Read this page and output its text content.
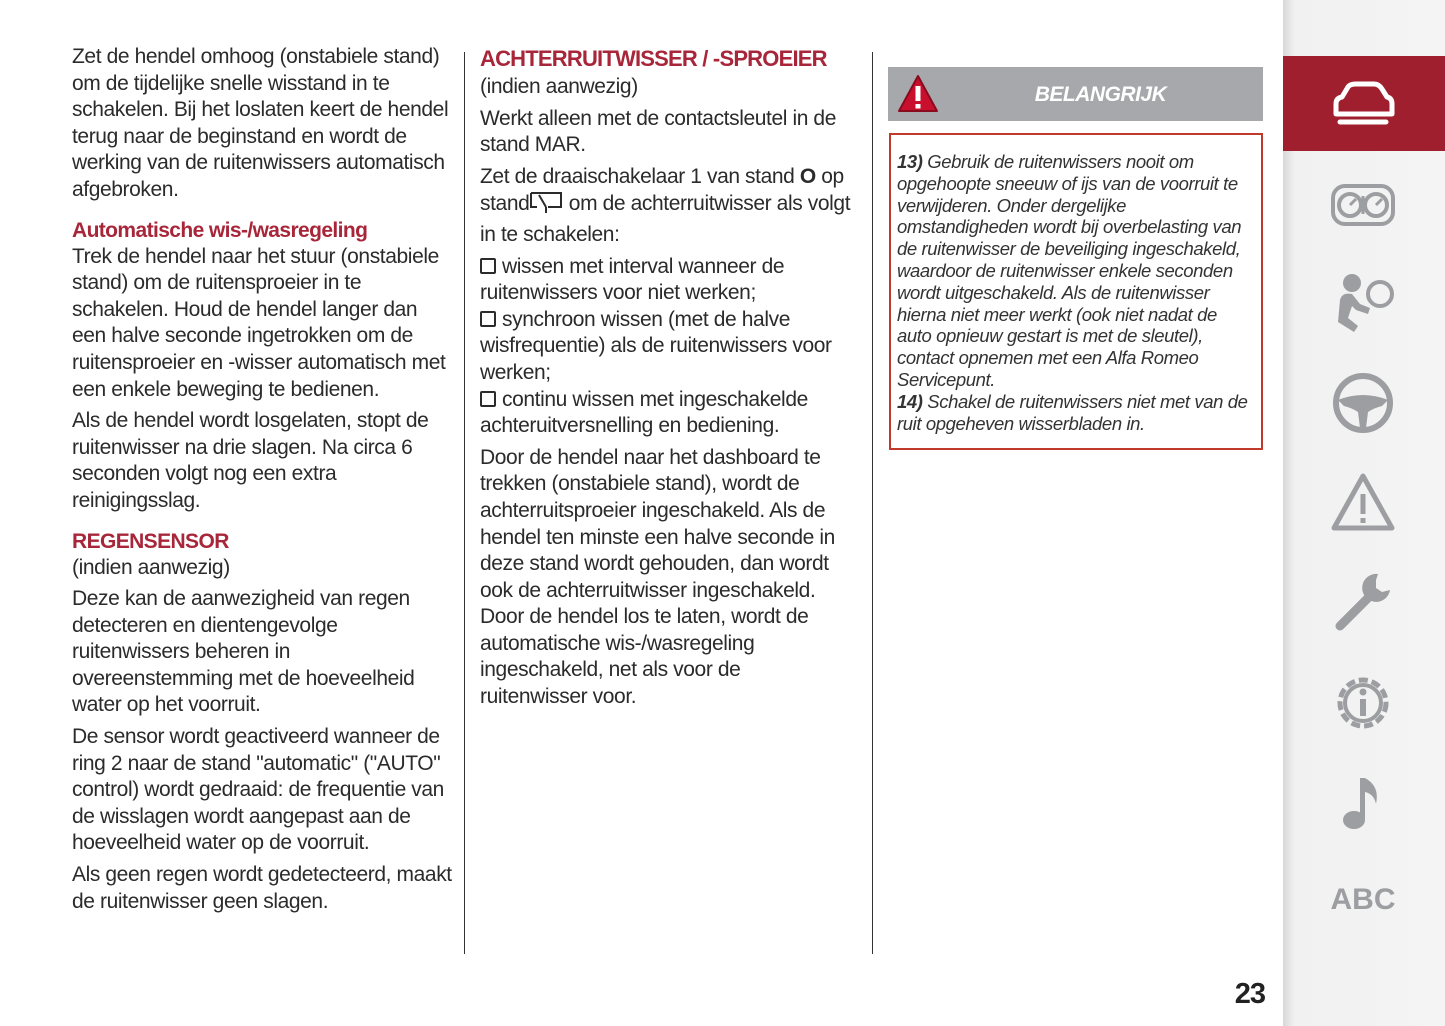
Zet de hendel omhoog (onstabiele stand) om de tijdelijke snelle wisstand in te schakelen. Bij het loslaten keert de hendel terug naar de beginstand en wordt de werking van de ruitenwissers automatisch afgebroken.

Automatische wis-/wasregeling

Trek de hendel naar het stuur (onstabiele stand) om de ruitensproeier in te schakelen. Houd de hendel langer dan een halve seconde ingetrokken om de ruitensproeier en -wisser automatisch met een enkele beweging te bedienen.

Als de hendel wordt losgelaten, stopt de ruitenwisser na drie slagen. Na circa 6 seconden volgt nog een extra reinigingsslag.

REGENSENSOR

(indien aanwezig)

Deze kan de aanwezigheid van regen detecteren en dientengevolge ruitenwissers beheren in overeenstemming met de hoeveelheid water op het voorruit.

De sensor wordt geactiveerd wanneer de ring 2 naar de stand "automatic" ("AUTO" control) wordt gedraaid: de frequentie van de wisslagen wordt aangepast aan de hoeveelheid water op de voorruit.

Als geen regen wordt gedetecteerd, maakt de ruitenwisser geen slagen.

ACHTERRUITWISSER / -SPROEIER

(indien aanwezig)

Werkt alleen met de contactsleutel in de stand MAR.

Zet de draaischakelaar 1 van stand O op stand om de achterruitwisser als volgt in te schakelen:

wissen met interval wanneer de ruitenwissers voor niet werken;

synchroon wissen (met de halve wisfrequentie) als de ruitenwissers voor werken;

continu wissen met ingeschakelde achteruitversnelling en bediening.

Door de hendel naar het dashboard te trekken (onstabiele stand), wordt de achterruitsproeier ingeschakeld. Als de hendel ten minste een halve seconde in deze stand wordt gehouden, dan wordt ook de achterruitwisser ingeschakeld. Door de hendel los te laten, wordt de automatische wis-/wasregeling ingeschakeld, net als voor de ruitenwisser voor.

BELANGRIJK

13) Gebruik de ruitenwissers nooit om opgehoopte sneeuw of ijs van de voorruit te verwijderen. Onder dergelijke omstandigheden wordt bij overbelasting van de ruitenwisser de beveiliging ingeschakeld, waardoor de ruitenwisser enkele seconden wordt uitgeschakeld. Als de ruitenwisser hierna niet meer werkt (ook niet nadat de auto opnieuw gestart is met de sleutel), contact opnemen met een Alfa Romeo Servicepunt.

14) Schakel de ruitenwissers niet met van de ruit opgeheven wisserbladen in.

ABC
23
